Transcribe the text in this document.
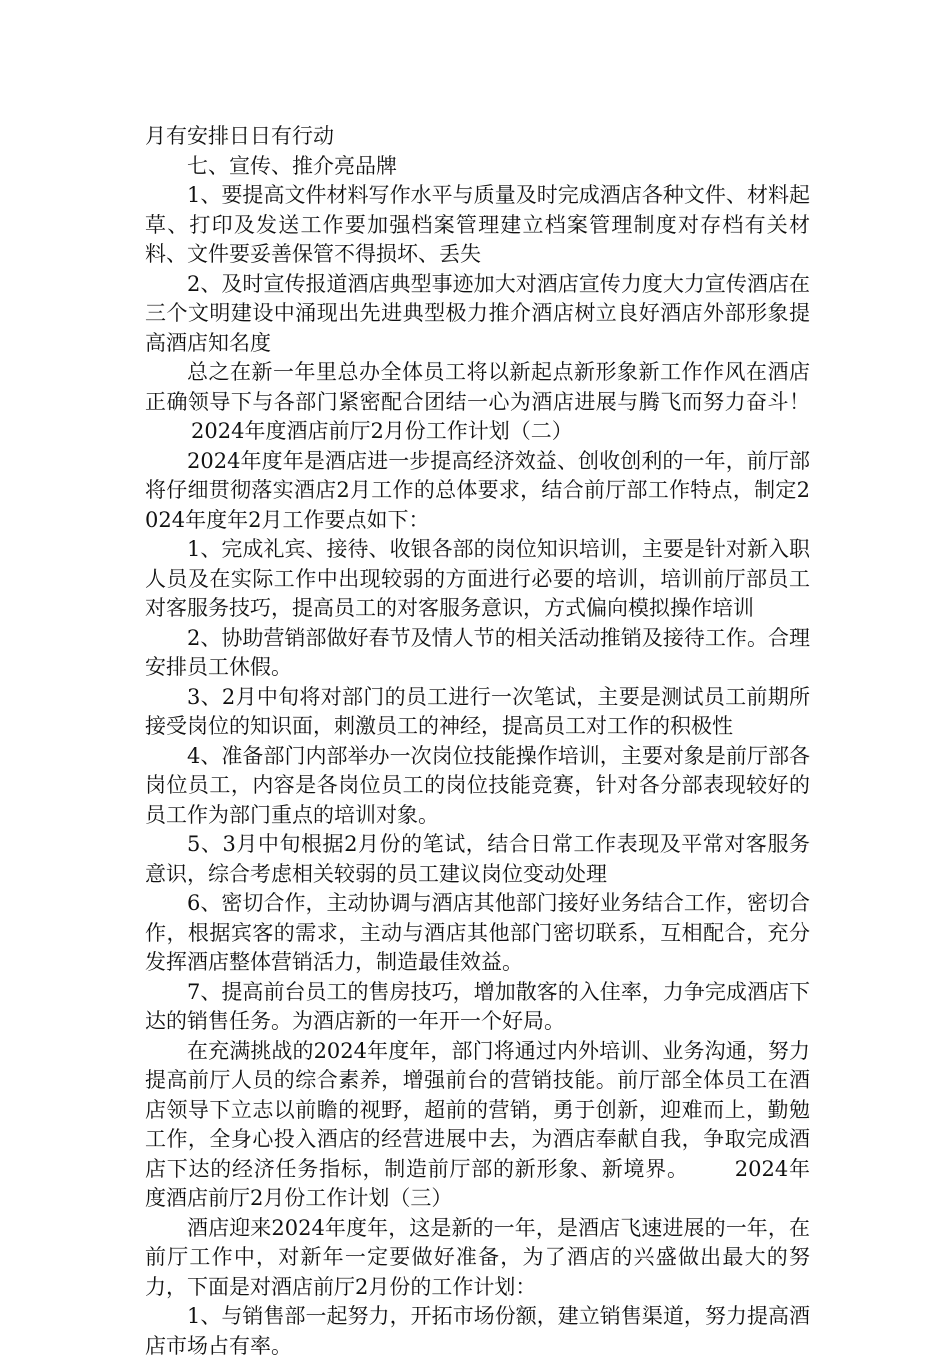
月有安排日日有行动

七、宣传、推介亮品牌

1、要提高文件材料写作水平与质量及时完成酒店各种文件、材料起草、打印及发送工作要加强档案管理建立档案管理制度对存档有关材料、文件要妥善保管不得损坏、丢失

2、及时宣传报道酒店典型事迹加大对酒店宣传力度大力宣传酒店在三个文明建设中涌现出先进典型极力推介酒店树立良好酒店外部形象提高酒店知名度

总之在新一年里总办全体员工将以新起点新形象新工作作风在酒店正确领导下与各部门紧密配合团结一心为酒店进展与腾飞而努力奋斗！2024年度酒店前厅2月份工作计划（二）

2024年度年是酒店进一步提高经济效益、创收创利的一年，前厅部将仔细贯彻落实酒店2月工作的总体要求，结合前厅部工作特点，制定2024年度年2月工作要点如下：

1、完成礼宾、接待、收银各部的岗位知识培训，主要是针对新入职人员及在实际工作中出现较弱的方面进行必要的培训，培训前厅部员工对客服务技巧，提高员工的对客服务意识，方式偏向模拟操作培训

2、协助营销部做好春节及情人节的相关活动推销及接待工作。合理安排员工休假。

3、2月中旬将对部门的员工进行一次笔试，主要是测试员工前期所接受岗位的知识面，刺激员工的神经，提高员工对工作的积极性

4、准备部门内部举办一次岗位技能操作培训，主要对象是前厅部各岗位员工，内容是各岗位员工的岗位技能竞赛，针对各分部表现较好的员工作为部门重点的培训对象。

5、3月中旬根据2月份的笔试，结合日常工作表现及平常对客服务意识，综合考虑相关较弱的员工建议岗位变动处理

6、密切合作，主动协调与酒店其他部门接好业务结合工作，密切合作，根据宾客的需求，主动与酒店其他部门密切联系，互相配合，充分发挥酒店整体营销活力，制造最佳效益。

7、提高前台员工的售房技巧，增加散客的入住率，力争完成酒店下达的销售任务。为酒店新的一年开一个好局。

在充满挑战的2024年度年，部门将通过内外培训、业务沟通，努力提高前厅人员的综合素养，增强前台的营销技能。前厅部全体员工在酒店领导下立志以前瞻的视野，超前的营销，勇于创新，迎难而上，勤勉工作，全身心投入酒店的经营进展中去，为酒店奉献自我，争取完成酒店下达的经济任务指标，制造前厅部的新形象、新境界。 2024年度酒店前厅2月份工作计划（三）

酒店迎来2024年度年，这是新的一年，是酒店飞速进展的一年，在前厅工作中，对新年一定要做好准备，为了酒店的兴盛做出最大的努力，下面是对酒店前厅2月份的工作计划：

1、与销售部一起努力，开拓市场份额，建立销售渠道，努力提高酒店市场占有率。
